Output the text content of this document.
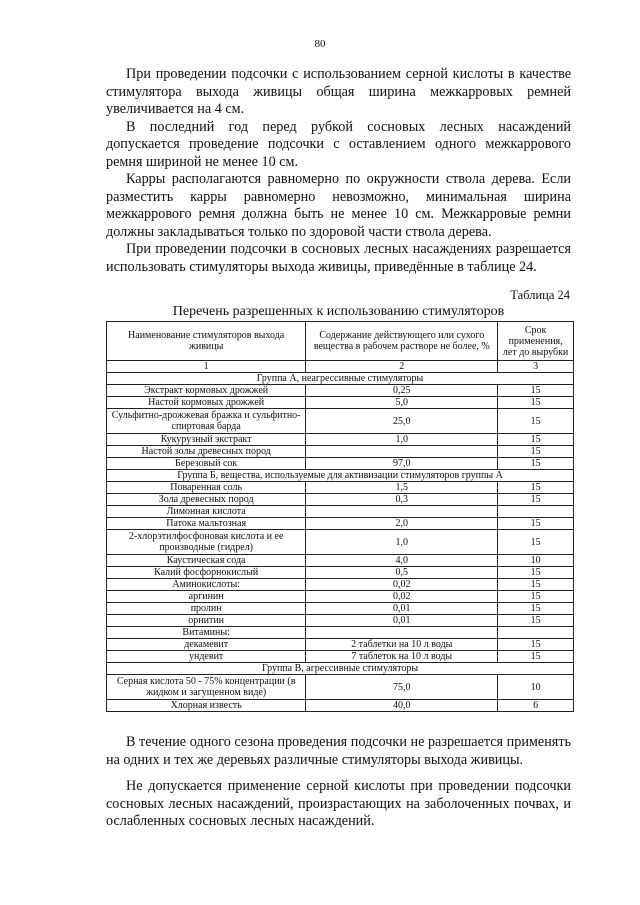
80

При проведении подсочки с использованием серной кислоты в качестве стимулятора выхода живицы общая ширина межкарровых ремней увеличивается на 4 см.

В последний год перед рубкой сосновых лесных насаждений допускается проведение подсочки с оставлением одного межкаррового ремня шириной не менее 10 см.

Карры располагаются равномерно по окружности ствола дерева. Если разместить карры равномерно невозможно, минимальная ширина межкаррового ремня должна быть не менее 10 см. Межкарровые ремни должны закладываться только по здоровой части ствола дерева.

При проведении подсочки в сосновых лесных насаждениях разрешается использовать стимуляторы выхода живицы, приведённые в таблице 24.

Таблица 24
Перечень разрешенных к использованию стимуляторов
Наименование стимуляторов выхода живицы	Содержание действующего или сухого вещества в рабочем растворе не более, %	Срок применения, лет до вырубки
1	2	3
Группа А, неагрессивные стимуляторы		
Экстракт кормовых дрожжей	0,25	15
Настой кормовых дрожжей	5,0	15
Сульфитно-дрожжевая бражка и сульфитно-спиртовая барда	25,0	15
Кукурузный экстракт	1,0	15
Настой золы древесных пород		15
Березовый сок	97,0	15
Группа Б, вещества, используемые для активизации стимуляторов группы А		
Поваренная соль	1,5	15
Зола древесных пород	0,3	15
Лимонная кислота		
Патока мальтозная	2,0	15
2-хлорэтилфосфоновая кислота и ее производные (гидрел)	1,0	15
Каустическая сода	4,0	10
Калий фосфорнокислый	0,5	15
Аминокислоты:	0,02	15
аргинин	0,02	15
пролин	0,01	15
орнитин	0,01	15
Витамины:		
декамевит	2 таблетки на 10 л воды	15
ундевит	7 таблеток на 10 л воды	15
Группа В, агрессивные стимуляторы		
Серная кислота 50 - 75% концентрации (в жидком и загущенном виде)	75,0	10
Хлорная известь	40,0	6

В течение одного сезона проведения подсочки не разрешается применять на одних и тех же деревьях различные стимуляторы выхода живицы.

Не допускается применение серной кислоты при проведении подсочки сосновых лесных насаждений, произрастающих на заболоченных почвах, и ослабленных сосновых лесных насаждений.
